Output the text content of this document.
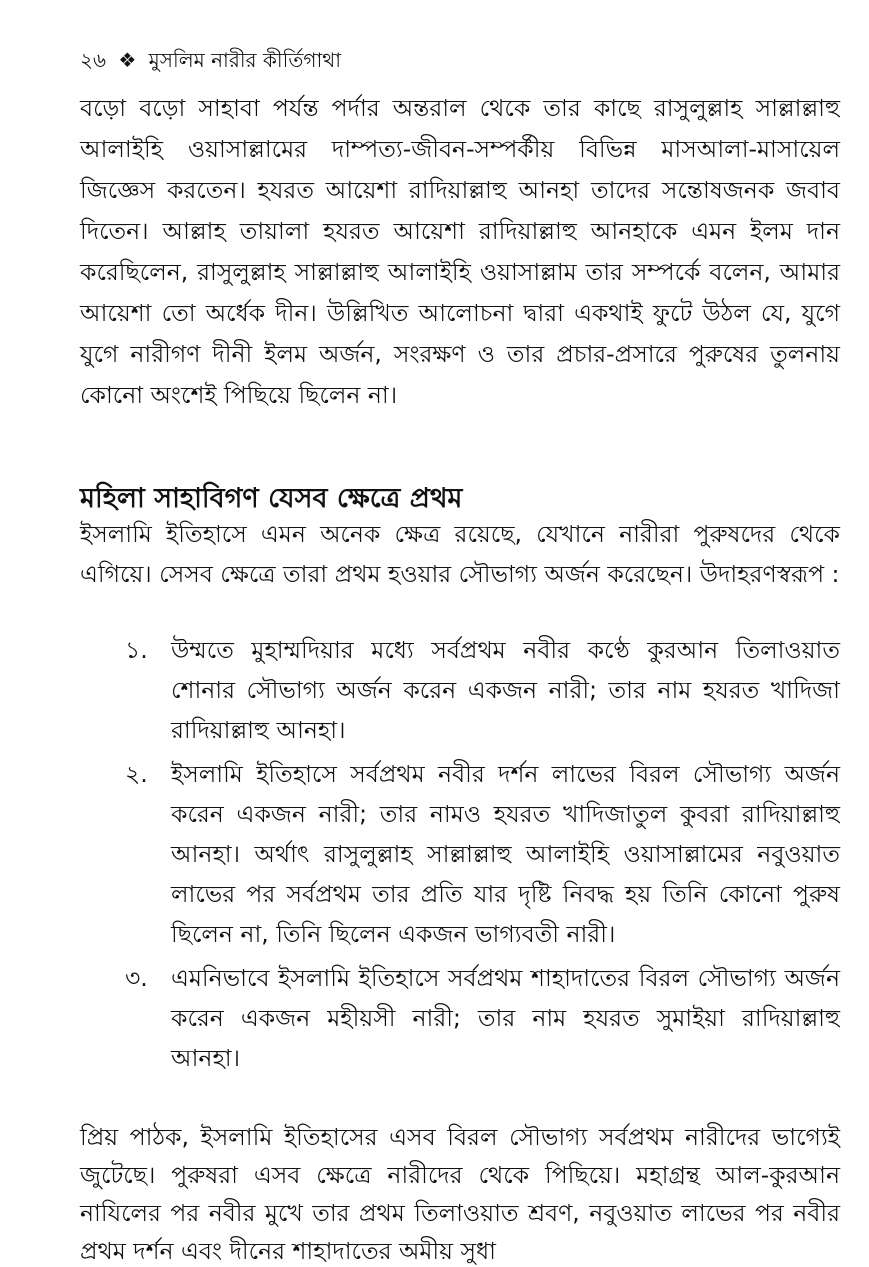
২৬ ❖ মুসলিম নারীর কীর্তিগাথা

বড়ো বড়ো সাহাবা পর্যন্ত পর্দার অন্তরাল থেকে তার কাছে রাসুলুল্লাহ সাল্লাল্লাহু আলাইহি ওয়াসাল্লামের দাম্পত্য-জীবন-সম্পর্কীয় বিভিন্ন মাসআলা-মাসায়েল জিজ্ঞেস করতেন। হযরত আয়েশা রাদিয়াল্লাহু আনহা তাদের সন্তোষজনক জবাব দিতেন। আল্লাহ তায়ালা হযরত আয়েশা রাদিয়াল্লাহু আনহাকে এমন ইলম দান করেছিলেন, রাসুলুল্লাহ সাল্লাল্লাহু আলাইহি ওয়াসাল্লাম তার সম্পর্কে বলেন, আমার আয়েশা তো অর্ধেক দীন। উল্লিখিত আলোচনা দ্বারা একথাই ফুটে উঠল যে, যুগে যুগে নারীগণ দীনী ইলম অর্জন, সংরক্ষণ ও তার প্রচার-প্রসারে পুরুষের তুলনায় কোনো অংশেই পিছিয়ে ছিলেন না।

মহিলা সাহাবিগণ যেসব ক্ষেত্রে প্রথম

ইসলামি ইতিহাসে এমন অনেক ক্ষেত্র রয়েছে, যেখানে নারীরা পুরুষদের থেকে এগিয়ে। সেসব ক্ষেত্রে তারা প্রথম হওয়ার সৌভাগ্য অর্জন করেছেন। উদাহরণস্বরূপ :

১. উম্মতে মুহাম্মদিয়ার মধ্যে সর্বপ্রথম নবীর কণ্ঠে কুরআন তিলাওয়াত শোনার সৌভাগ্য অর্জন করেন একজন নারী; তার নাম হযরত খাদিজা রাদিয়াল্লাহু আনহা।
২. ইসলামি ইতিহাসে সর্বপ্রথম নবীর দর্শন লাভের বিরল সৌভাগ্য অর্জন করেন একজন নারী; তার নামও হযরত খাদিজাতুল কুবরা রাদিয়াল্লাহু আনহা। অর্থাৎ রাসুলুল্লাহ সাল্লাল্লাহু আলাইহি ওয়াসাল্লামের নবুওয়াত লাভের পর সর্বপ্রথম তার প্রতি যার দৃষ্টি নিবদ্ধ হয় তিনি কোনো পুরুষ ছিলেন না, তিনি ছিলেন একজন ভাগ্যবতী নারী।
৩. এমনিভাবে ইসলামি ইতিহাসে সর্বপ্রথম শাহাদাতের বিরল সৌভাগ্য অর্জন করেন একজন মহীয়সী নারী; তার নাম হযরত সুমাইয়া রাদিয়াল্লাহু আনহা।

প্রিয় পাঠক, ইসলামি ইতিহাসের এসব বিরল সৌভাগ্য সর্বপ্রথম নারীদের ভাগ্যেই জুটেছে। পুরুষরা এসব ক্ষেত্রে নারীদের থেকে পিছিয়ে। মহাগ্রন্থ আল-কুরআন নাযিলের পর নবীর মুখে তার প্রথম তিলাওয়াত শ্রবণ, নবুওয়াত লাভের পর নবীর প্রথম দর্শন এবং দীনের শাহাদাতের অমীয় সুধা
